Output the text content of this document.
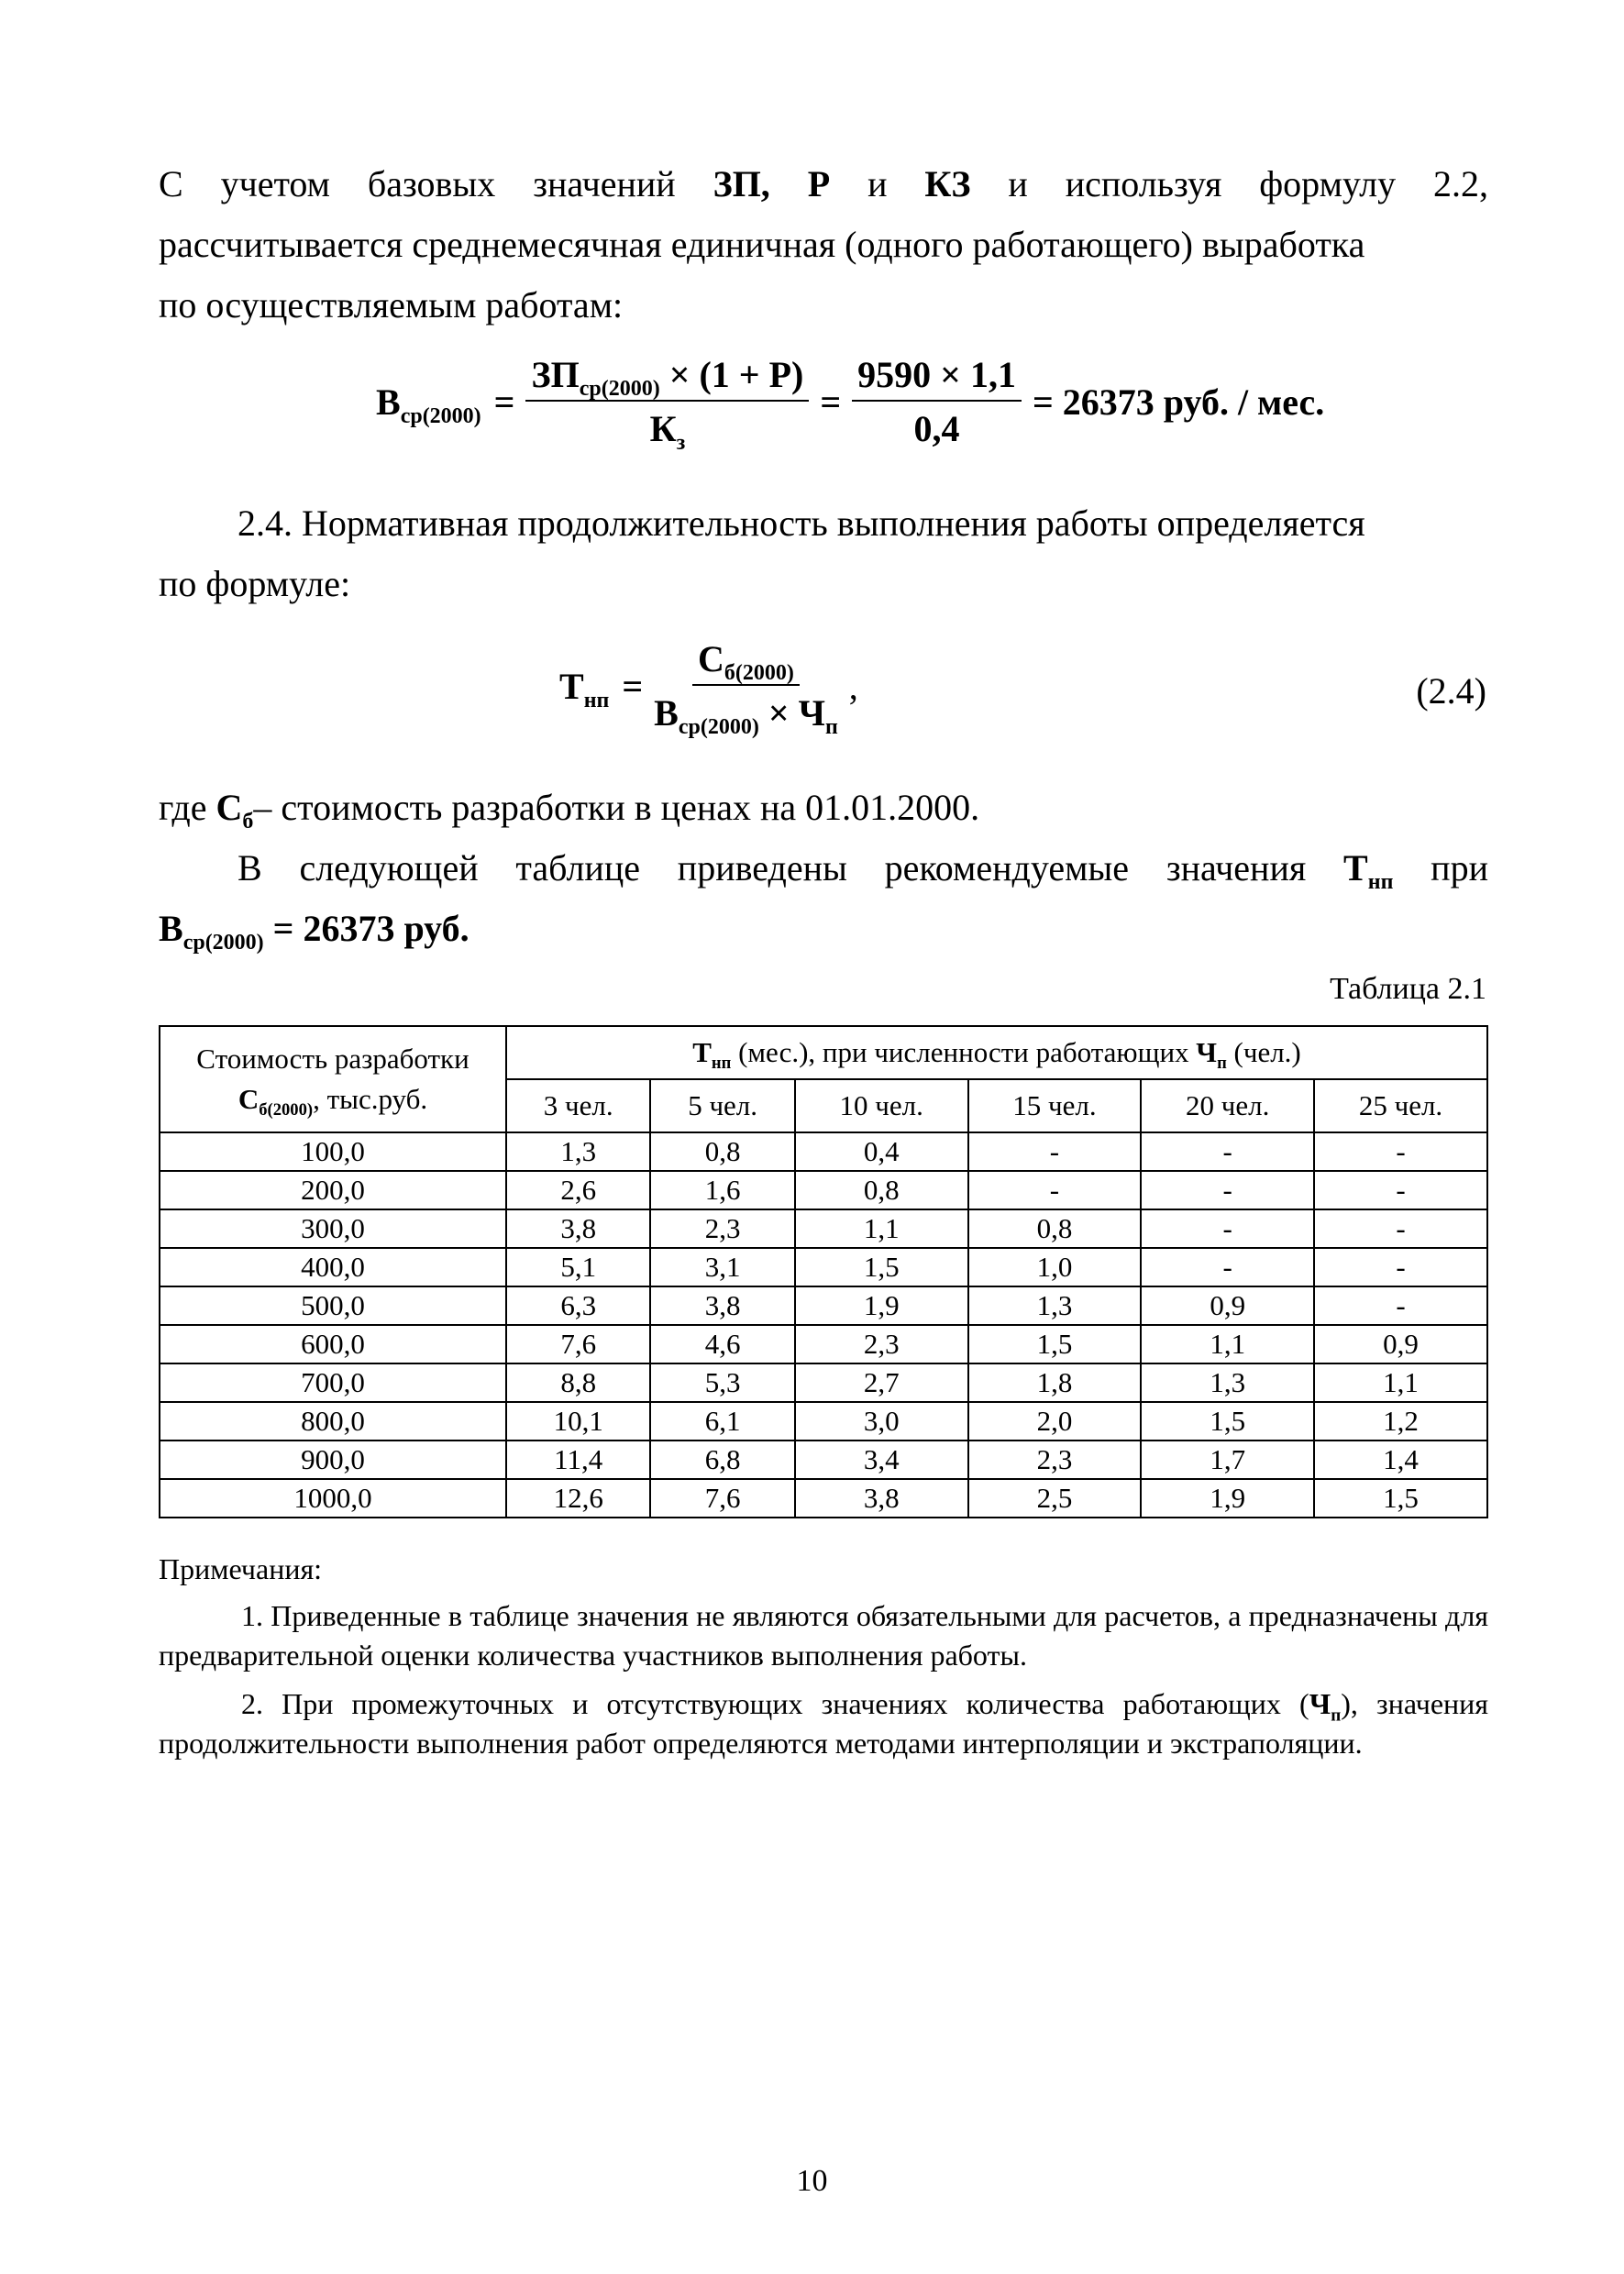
С учетом базовых значений ЗП, Р и КЗ и используя формулу 2.2,
рассчитывается среднемесячная единичная (одного работающего) выработка
по осуществляемым работам:
$В_{ср(2000)} = \frac{ЗП_{ср(2000)} \times (1 + Р)}{К_з} = \frac{9590 \times 1,1}{0,4} = 26373$ руб. / мес.
2.4. Нормативная продолжительность выполнения работы определяется
по формуле:
$Т_{нп} = \frac{С_{б(2000)}}{В_{ср(2000)} \times Ч_п}$ ,	(2.4)
где $С_б-$ стоимость разработки в ценах на 01.01.2000.
В следующей таблице приведены рекомендуемые значения $Т_{нп}$ при
$В_{ср(2000)} = 26373$ руб.
Таблица 2.1
Стоимость разработки
$С_{б(2000)}$, тыс.руб.	$Т_{нп}$ (мес.), при численности работающих $Ч_п$ (чел.)					
	3 чел.	5 чел.	10 чел.	15 чел.	20 чел.	25 чел.
100,0	1,3	0,8	0,4	-	-	-
200,0	2,6	1,6	0,8	-	-	-
300,0	3,8	2,3	1,1	0,8	-	-
400,0	5,1	3,1	1,5	1,0	-	-
500,0	6,3	3,8	1,9	1,3	0,9	-
600,0	7,6	4,6	2,3	1,5	1,1	0,9
700,0	8,8	5,3	2,7	1,8	1,3	1,1
800,0	10,1	6,1	3,0	2,0	1,5	1,2
900,0	11,4	6,8	3,4	2,3	1,7	1,4
1000,0	12,6	7,6	3,8	2,5	1,9	1,5
Примечания:
1. Приведенные в таблице значения не являются обязательными для расчетов, а предназначены для предварительной оценки количества участников выполнения работы.
2. При промежуточных и отсутствующих значениях количества работающих $(Ч_п)$, значения продолжительности выполнения работ определяются методами интерполяции и экстраполяции.
10
